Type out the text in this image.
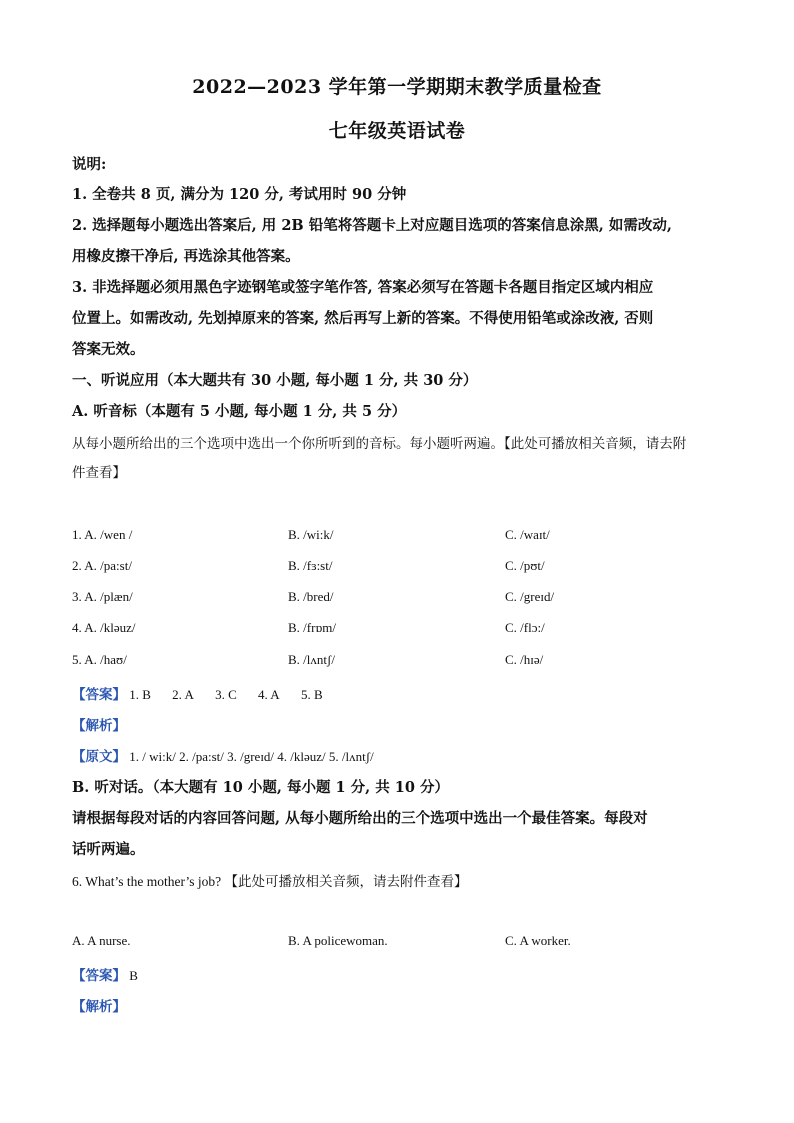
2022—2023 学年第一学期期末教学质量检查
七年级英语试卷
说明:
1. 全卷共 8 页, 满分为 120 分, 考试用时 90 分钟
2. 选择题每小题选出答案后, 用 2B 铅笔将答题卡上对应题目选项的答案信息涂黑, 如需改动,
用橡皮擦干净后, 再选涂其他答案。
3. 非选择题必须用黑色字迹钢笔或签字笔作答, 答案必须写在答题卡各题目指定区域内相应
位置上。如需改动, 先划掉原来的答案, 然后再写上新的答案。不得使用铅笔或涂改液, 否则
答案无效。
一、听说应用（本大题共有 30 小题, 每小题 1 分, 共 30 分）
A. 听音标（本题有 5 小题, 每小题 1 分, 共 5 分）
从每小题所给出的三个选项中选出一个你所听到的音标。每小题听两遍。【此处可播放相关音频，请去附
件查看】
1. A. /wen /	B. /wi:k/	C. /waɪt/
2. A. /pa:st/	B. /fɜ:st/	C. /pʊt/
3. A. /plæn/	B. /bred/	C. /greɪd/
4. A. /kləuz/	B. /frɒm/	C. /flɔ:/
5. A. /haʊ/	B. /lʌntʃ/	C. /hɪə/
【答案】 1. B 2. A 3. C 4. A 5. B
【解析】
【原文】 1. / wi:k/ 2. /pa:st/ 3. /greɪd/ 4. /kləuz/ 5. /lʌntʃ/
B. 听对话。（本大题有 10 小题, 每小题 1 分, 共 10 分）
请根据每段对话的内容回答问题, 从每小题所给出的三个选项中选出一个最佳答案。每段对
话听两遍。
6. What’s the mother’s job? 【此处可播放相关音频，请去附件查看】
A. A nurse.	B. A policewoman.	C. A worker.
【答案】 B
【解析】
